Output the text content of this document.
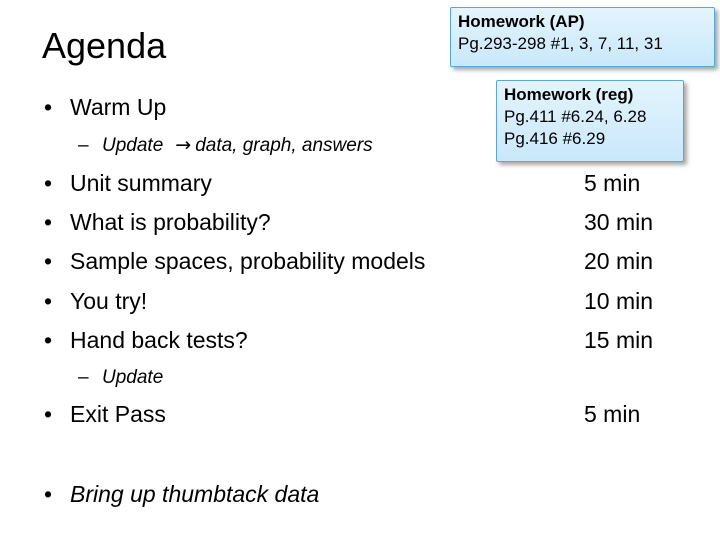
Agenda
Homework (AP)
Pg.293-298 #1, 3, 7, 11, 31
Homework (reg)
Pg.411 #6.24, 6.28
Pg.416 #6.29
• Warm Up
– Update → data, graph, answers
• Unit summary	5 min
• What is probability?	30 min
• Sample spaces, probability models	20 min
• You try!	10 min
• Hand back tests?	15 min
– Update
• Exit Pass	5 min
• Bring up thumbtack data
